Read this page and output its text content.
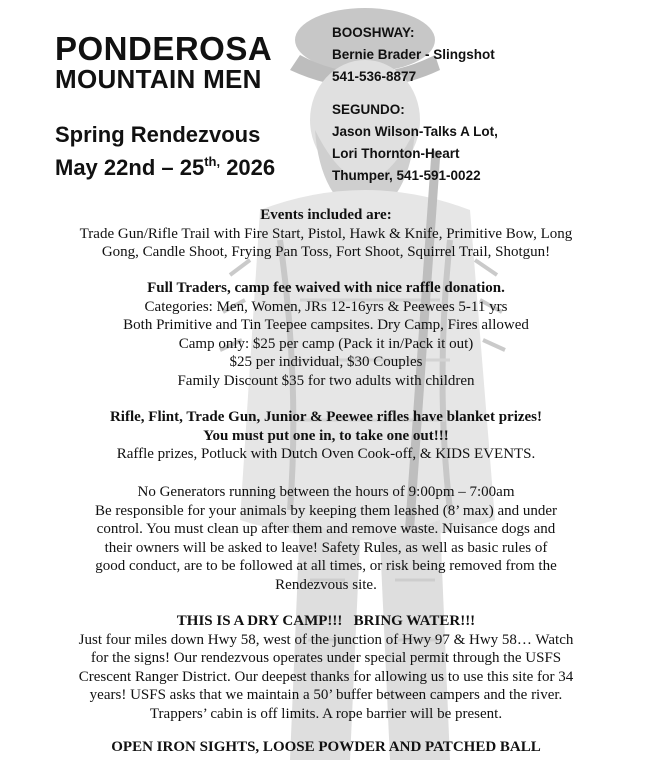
PONDEROSA
MOUNTAIN MEN
Spring Rendezvous
May $22nd - 25^{th,}$ 2026
BOOSHWAY:
Bernie Brader - Slingshot
541-536-8877
SEGUNDO:
Jason Wilson-Talks A Lot,
Lori Thornton-Heart
Thumper, 541-591-0022

Events included are:

Trade Gun/Rifle Trail with Fire Start, Pistol, Hawk & Knife, Primitive Bow, Long

Gong, Candle Shoot, Frying Pan Toss, Fort Shoot, Squirrel Trail, Shotgun!

Full Traders, camp fee waived with nice raffle donation.

Categories: Men, Women, JRs 12-16yrs & Peewees 5-11 yrs

Both Primitive and Tin Teepee campsites. Dry Camp, Fires allowed

Camp only: $25 per camp (Pack it in/Pack it out)

$25 per individual, $30 Couples

Family Discount $35 for two adults with children

Rifle, Flint, Trade Gun, Junior & Peewee rifles have blanket prizes!

You must put one in, to take one out!!!

Raffle prizes, Potluck with Dutch Oven Cook-off, & KIDS EVENTS.

No Generators running between the hours of 9:00pm – 7:00am

Be responsible for your animals by keeping them leashed (8’ max) and under

control. You must clean up after them and remove waste. Nuisance dogs and

their owners will be asked to leave! Safety Rules, as well as basic rules of

good conduct, are to be followed at all times, or risk being removed from the

Rendezvous site.

THIS IS A DRY CAMP!!!   BRING WATER!!!

Just four miles down Hwy 58, west of the junction of Hwy 97 & Hwy 58… Watch

for the signs! Our rendezvous operates under special permit through the USFS

Crescent Ranger District. Our deepest thanks for allowing us to use this site for 34

years! USFS asks that we maintain a 50’ buffer between campers and the river.

Trappers’ cabin is off limits. A rope barrier will be present.

OPEN IRON SIGHTS, LOOSE POWDER AND PATCHED BALL
